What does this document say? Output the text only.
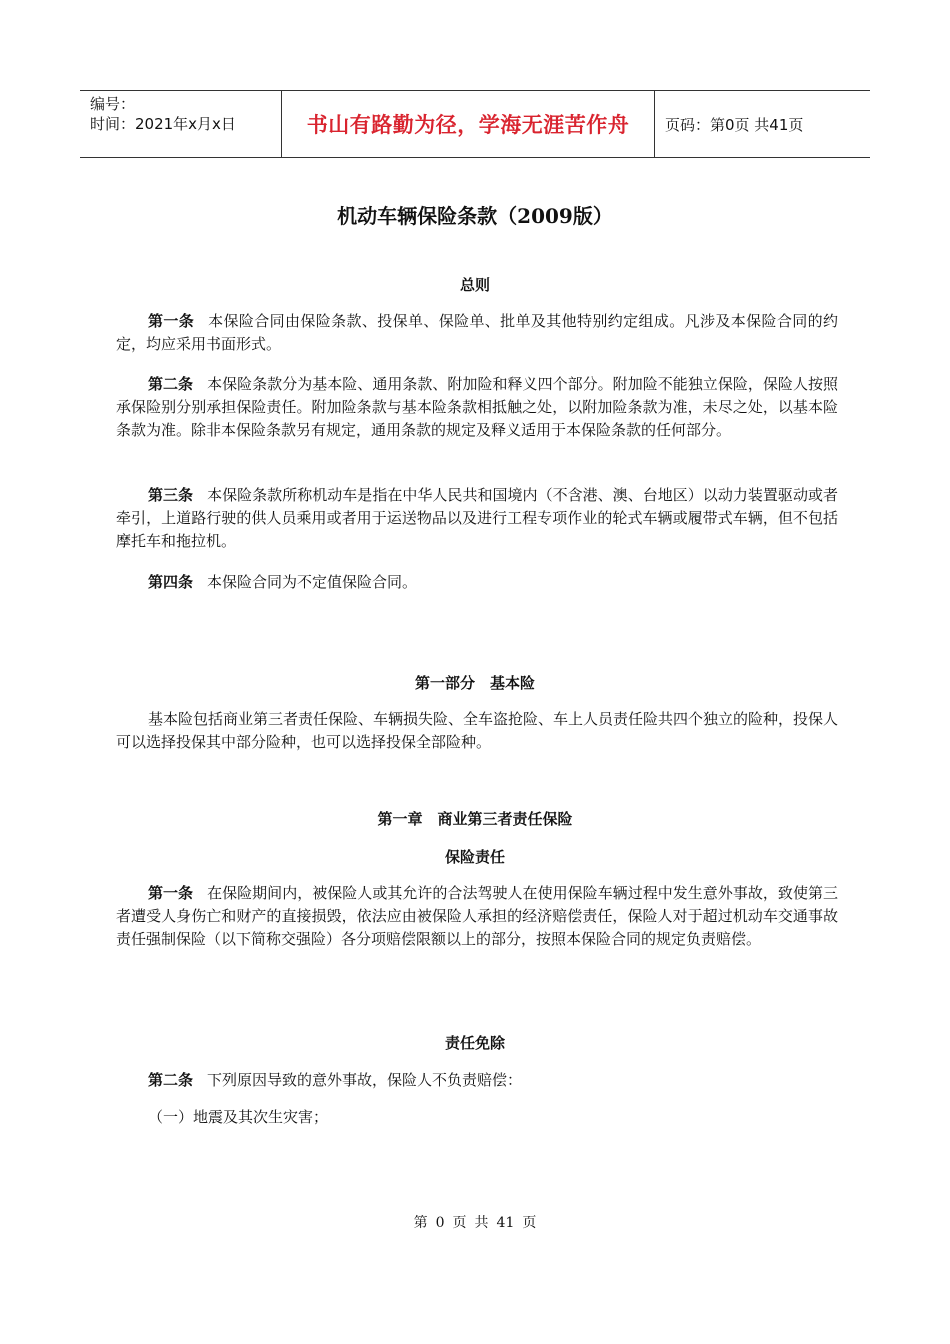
编号：
时间：2021年x月x日	书山有路勤为径，学海无涯苦作舟 页码：第0页 共41页
机动车辆保险条款（2009版）
总则
第一条 本保险合同由保险条款、投保单、保险单、批单及其他特别约定组成。凡涉及本保险合同的约定，均应采用书面形式。
第二条 本保险条款分为基本险、通用条款、附加险和释义四个部分。附加险不能独立保险，保险人按照承保险别分别承担保险责任。附加险条款与基本险条款相抵触之处，以附加险条款为准，未尽之处，以基本险条款为准。除非本保险条款另有规定，通用条款的规定及释义适用于本保险条款的任何部分。
第三条 本保险条款所称机动车是指在中华人民共和国境内（不含港、澳、台地区）以动力装置驱动或者牵引，上道路行驶的供人员乘用或者用于运送物品以及进行工程专项作业的轮式车辆或履带式车辆，但不包括摩托车和拖拉机。
第四条 本保险合同为不定值保险合同。
第一部分　基本险
基本险包括商业第三者责任保险、车辆损失险、全车盗抢险、车上人员责任险共四个独立的险种，投保人可以选择投保其中部分险种，也可以选择投保全部险种。
第一章　商业第三者责任保险
保险责任
第一条 在保险期间内，被保险人或其允许的合法驾驶人在使用保险车辆过程中发生意外事故，致使第三者遭受人身伤亡和财产的直接损毁，依法应由被保险人承担的经济赔偿责任，保险人对于超过机动车交通事故责任强制保险（以下简称交强险）各分项赔偿限额以上的部分，按照本保险合同的规定负责赔偿。
责任免除
第二条 下列原因导致的意外事故，保险人不负责赔偿：
（一）地震及其次生灾害；
第 0 页 共 41 页
